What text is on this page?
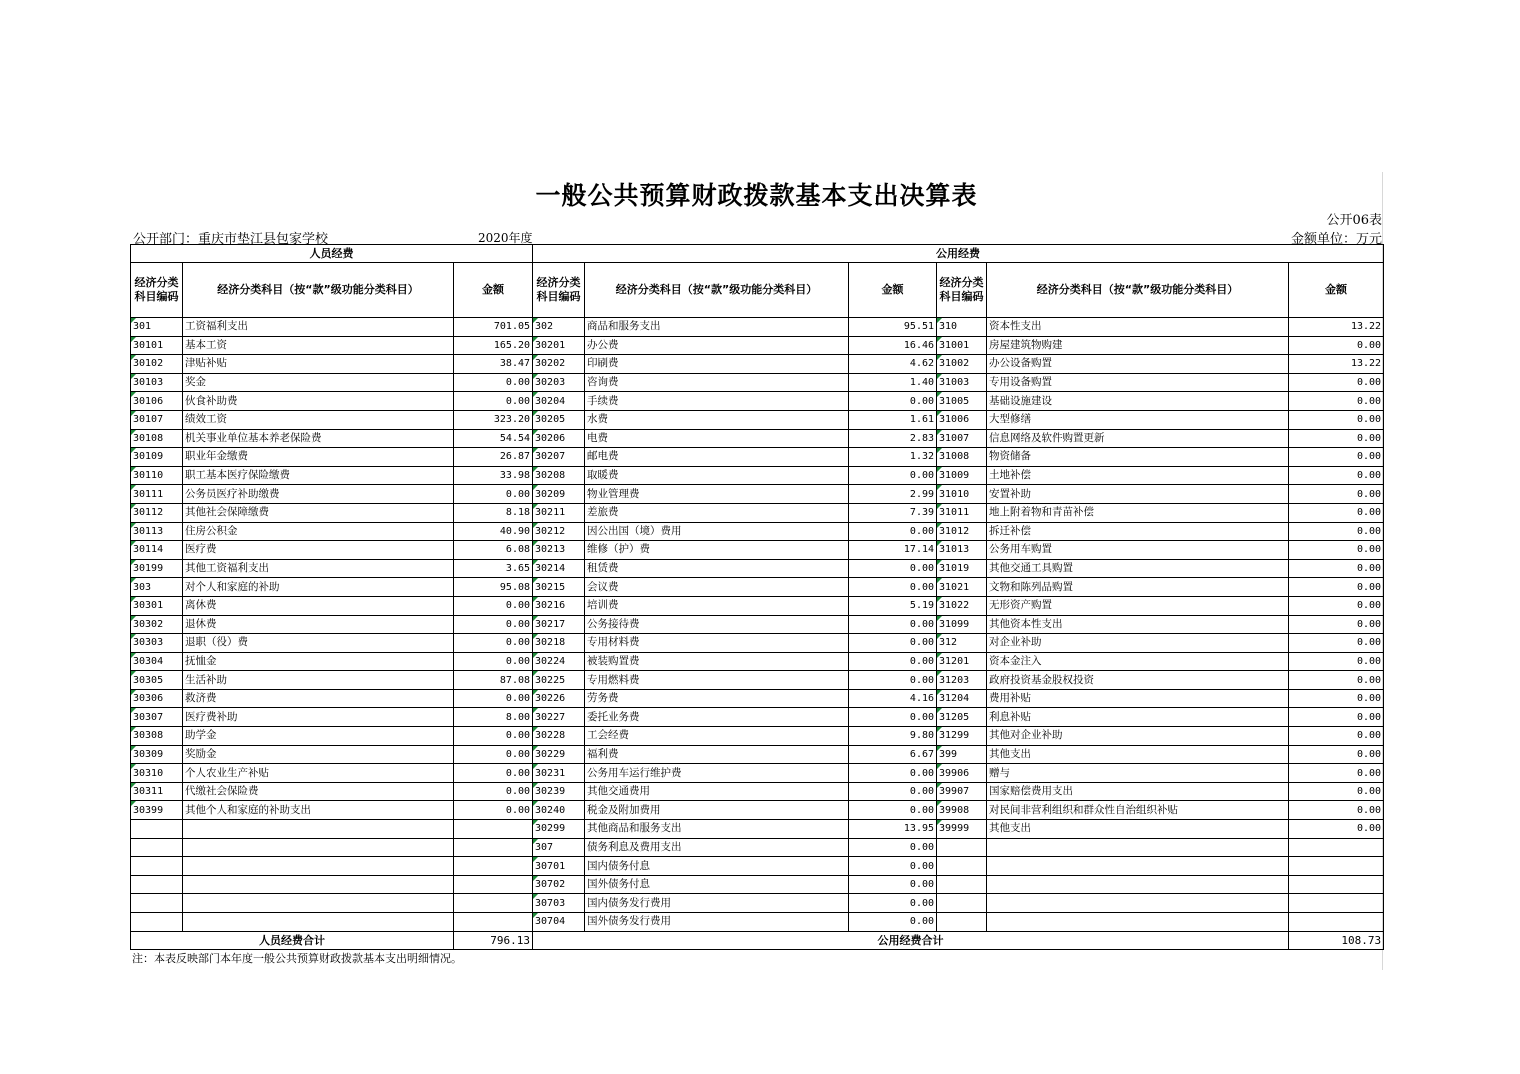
一般公共预算财政拨款基本支出决算表
公开06表
公开部门：重庆市垫江县包家学校	2020年度	金额单位：万元
人员经费			公用经费					
经济分类科目编码	经济分类科目（按“款”级功能分类科目）	金额	经济分类科目编码	经济分类科目（按“款”级功能分类科目）	金额	经济分类科目编码	经济分类科目（按“款”级功能分类科目）	金额
301	工资福利支出	701.05	302	商品和服务支出	95.51	310	资本性支出	13.22
30101	基本工资	165.20	30201	办公费	16.46	31001	房屋建筑物购建	0.00
30102	津贴补贴	38.47	30202	印刷费	4.62	31002	办公设备购置	13.22
30103	奖金	0.00	30203	咨询费	1.40	31003	专用设备购置	0.00
30106	伙食补助费	0.00	30204	手续费	0.00	31005	基础设施建设	0.00
30107	绩效工资	323.20	30205	水费	1.61	31006	大型修缮	0.00
30108	机关事业单位基本养老保险费	54.54	30206	电费	2.83	31007	信息网络及软件购置更新	0.00
30109	职业年金缴费	26.87	30207	邮电费	1.32	31008	物资储备	0.00
30110	职工基本医疗保险缴费	33.98	30208	取暖费	0.00	31009	土地补偿	0.00
30111	公务员医疗补助缴费	0.00	30209	物业管理费	2.99	31010	安置补助	0.00
30112	其他社会保障缴费	8.18	30211	差旅费	7.39	31011	地上附着物和青苗补偿	0.00
30113	住房公积金	40.90	30212	因公出国（境）费用	0.00	31012	拆迁补偿	0.00
30114	医疗费	6.08	30213	维修（护）费	17.14	31013	公务用车购置	0.00
30199	其他工资福利支出	3.65	30214	租赁费	0.00	31019	其他交通工具购置	0.00
303	对个人和家庭的补助	95.08	30215	会议费	0.00	31021	文物和陈列品购置	0.00
30301	离休费	0.00	30216	培训费	5.19	31022	无形资产购置	0.00
30302	退休费	0.00	30217	公务接待费	0.00	31099	其他资本性支出	0.00
30303	退职（役）费	0.00	30218	专用材料费	0.00	312	对企业补助	0.00
30304	抚恤金	0.00	30224	被装购置费	0.00	31201	资本金注入	0.00
30305	生活补助	87.08	30225	专用燃料费	0.00	31203	政府投资基金股权投资	0.00
30306	救济费	0.00	30226	劳务费	4.16	31204	费用补贴	0.00
30307	医疗费补助	8.00	30227	委托业务费	0.00	31205	利息补贴	0.00
30308	助学金	0.00	30228	工会经费	9.80	31299	其他对企业补助	0.00
30309	奖励金	0.00	30229	福利费	6.67	399	其他支出	0.00
30310	个人农业生产补贴	0.00	30231	公务用车运行维护费	0.00	39906	赠与	0.00
30311	代缴社会保险费	0.00	30239	其他交通费用	0.00	39907	国家赔偿费用支出	0.00
30399	其他个人和家庭的补助支出	0.00	30240	税金及附加费用	0.00	39908	对民间非营利组织和群众性自治组织补贴	0.00
			30299	其他商品和服务支出	13.95	39999	其他支出	0.00
			307	债务利息及费用支出	0.00			
			30701	国内债务付息	0.00			
			30702	国外债务付息	0.00			
			30703	国内债务发行费用	0.00			
			30704	国外债务发行费用	0.00			
人员经费合计		796.13	公用经费合计					108.73
注：本表反映部门本年度一般公共预算财政拨款基本支出明细情况。
